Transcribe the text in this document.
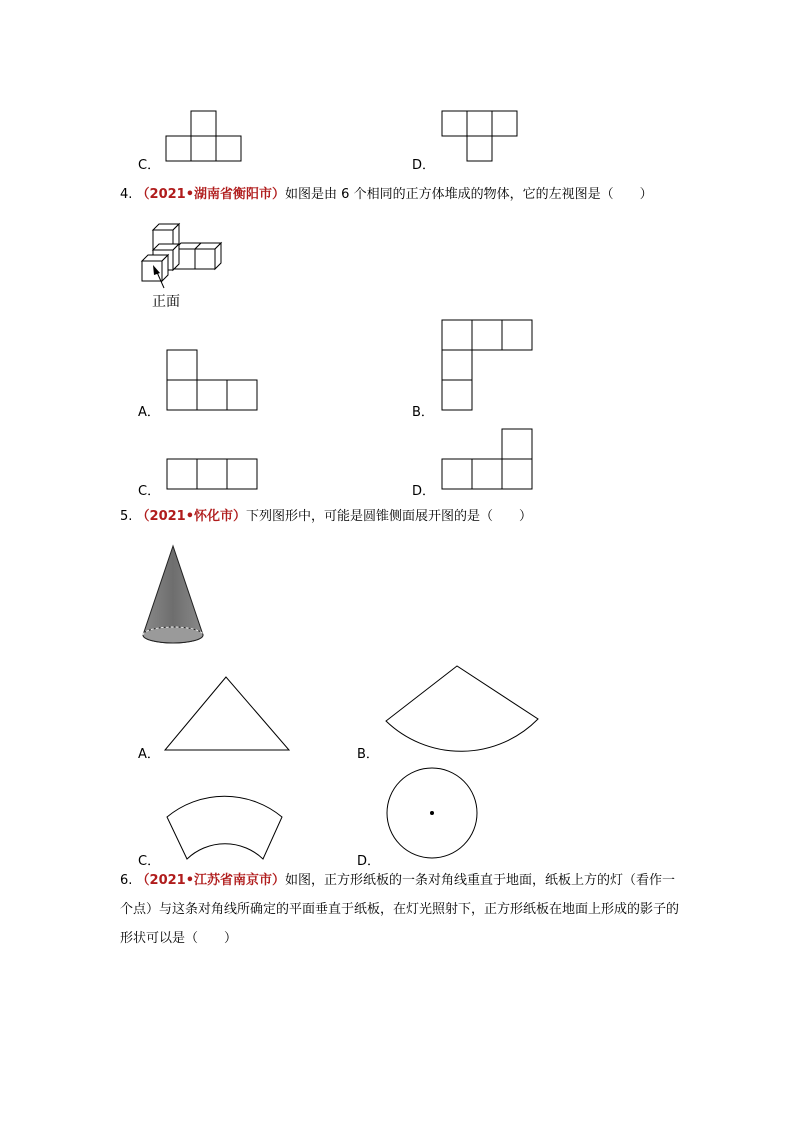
C．	D．
4. （2021•湖南省衡阳市）如图是由 6 个相同的正方体堆成的物体，它的左视图是（　　）
正面
A．	B．
C．	D．
5. （2021•怀化市）下列图形中，可能是圆锥侧面展开图的是（　　）
A．	B．
C．	D．
6. （2021•江苏省南京市）如图，正方形纸板的一条对角线重直于地面，纸板上方的灯（看作一个点）与这条对角线所确定的平面垂直于纸板，在灯光照射下，正方形纸板在地面上形成的影子的形状可以是（　　）
